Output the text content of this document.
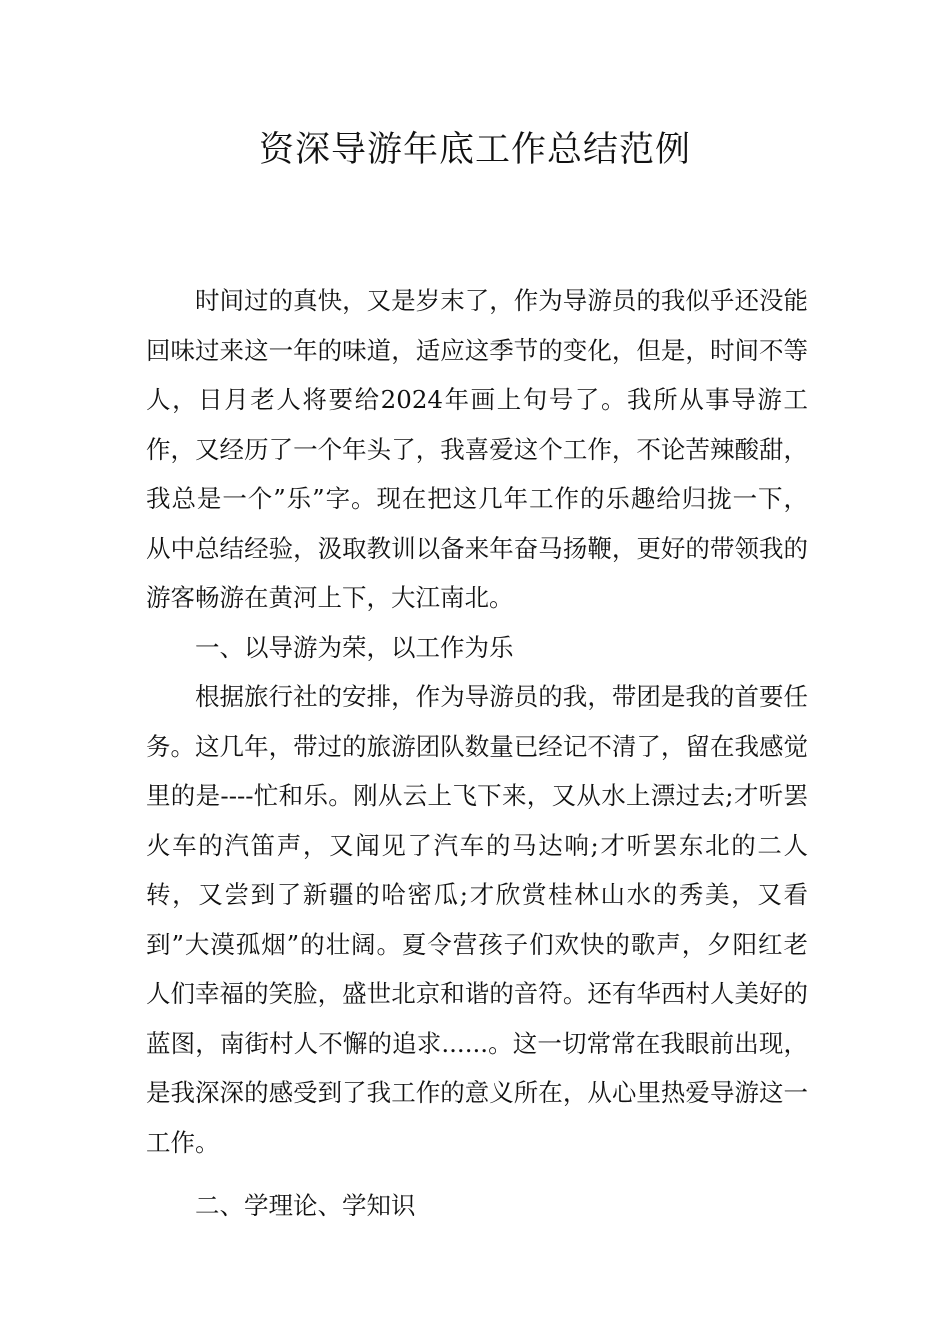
资深导游年底工作总结范例

时间过的真快，又是岁末了，作为导游员的我似乎还没能回味过来这一年的味道，适应这季节的变化，但是，时间不等人，日月老人将要给2024年画上句号了。我所从事导游工作，又经历了一个年头了，我喜爱这个工作，不论苦辣酸甜，我总是一个”乐”字。现在把这几年工作的乐趣给归拢一下，从中总结经验，汲取教训以备来年奋马扬鞭，更好的带领我的游客畅游在黄河上下，大江南北。

一、以导游为荣，以工作为乐

根据旅行社的安排，作为导游员的我，带团是我的首要任务。这几年，带过的旅游团队数量已经记不清了，留在我感觉里的是----忙和乐。刚从云上飞下来，又从水上漂过去;才听罢火车的汽笛声，又闻见了汽车的马达响;才听罢东北的二人转，又尝到了新疆的哈密瓜;才欣赏桂林山水的秀美，又看到”大漠孤烟”的壮阔。夏令营孩子们欢快的歌声，夕阳红老人们幸福的笑脸，盛世北京和谐的音符。还有华西村人美好的蓝图，南街村人不懈的追求......。这一切常常在我眼前出现，是我深深的感受到了我工作的意义所在，从心里热爱导游这一工作。

二、学理论、学知识
